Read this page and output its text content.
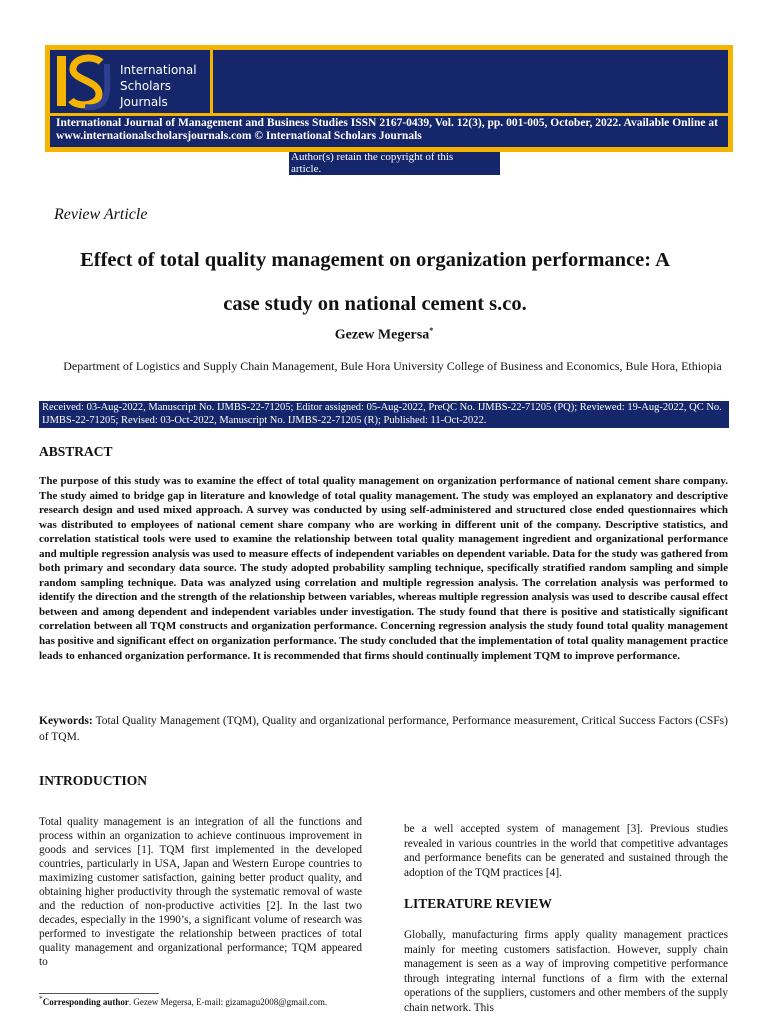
International
Scholars
Journals
International Journal of Management and Business Studies ISSN 2167-0439, Vol. 12(3), pp. 001-005, October, 2022. Available Online at www.internationalscholarsjournals.com © International Scholars Journals
Author(s) retain the copyright of this article.
Review Article
Effect of total quality management on organization performance: A
case study on national cement s.co.
Gezew Megersa*
Department of Logistics and Supply Chain Management, Bule Hora University College of Business and Economics, Bule Hora, Ethiopia
Received: 03-Aug-2022, Manuscript No. IJMBS-22-71205; Editor assigned: 05-Aug-2022, PreQC No. IJMBS-22-71205 (PQ); Reviewed: 19-Aug-2022, QC No. IJMBS-22-71205; Revised: 03-Oct-2022, Manuscript No. IJMBS-22-71205 (R); Published: 11-Oct-2022.
ABSTRACT
The purpose of this study was to examine the effect of total quality management on organization performance of national cement share company. The study aimed to bridge gap in literature and knowledge of total quality management. The study was employed an explanatory and descriptive research design and used mixed approach. A survey was conducted by using self-administered and structured close ended questionnaires which was distributed to employees of national cement share company who are working in different unit of the company. Descriptive statistics, and correlation statistical tools were used to examine the relationship between total quality management ingredient and organizational performance and multiple regression analysis was used to measure effects of independent variables on dependent variable. Data for the study was gathered from both primary and secondary data source. The study adopted probability sampling technique, specifically stratified random sampling and simple random sampling technique. Data was analyzed using correlation and multiple regression analysis. The correlation analysis was performed to identify the direction and the strength of the relationship between variables, whereas multiple regression analysis was used to describe causal effect between and among dependent and independent variables under investigation. The study found that there is positive and statistically significant correlation between all TQM constructs and organization performance. Concerning regression analysis the study found total quality management has positive and significant effect on organization performance. The study concluded that the implementation of total quality management practice leads to enhanced organization performance. It is recommended that firms should continually implement TQM to improve performance.
Keywords: Total Quality Management (TQM), Quality and organizational performance, Performance measurement, Critical Success Factors (CSFs) of TQM.
INTRODUCTION
Total quality management is an integration of all the functions and process within an organization to achieve continuous improvement in goods and services [1]. TQM first implemented in the developed countries, particularly in USA, Japan and Western Europe countries to maximizing customer satisfaction, gaining better product quality, and obtaining higher productivity through the systematic removal of waste and the reduction of non-productive activities [2]. In the last two decades, especially in the 1990’s, a significant volume of research was performed to investigate the relationship between practices of total quality management and organizational performance; TQM appeared to
*Corresponding author. Gezew Megersa, E-mail: gizamagu2008@gmail.com.
be a well accepted system of management [3]. Previous studies revealed in various countries in the world that competitive advantages and performance benefits can be generated and sustained through the adoption of the TQM practices [4].
LITERATURE REVIEW
Globally, manufacturing firms apply quality management practices mainly for meeting customers satisfaction. However, supply chain management is seen as a way of improving competitive performance through integrating internal functions of a firm with the external operations of the suppliers, customers and other members of the supply chain network. This
